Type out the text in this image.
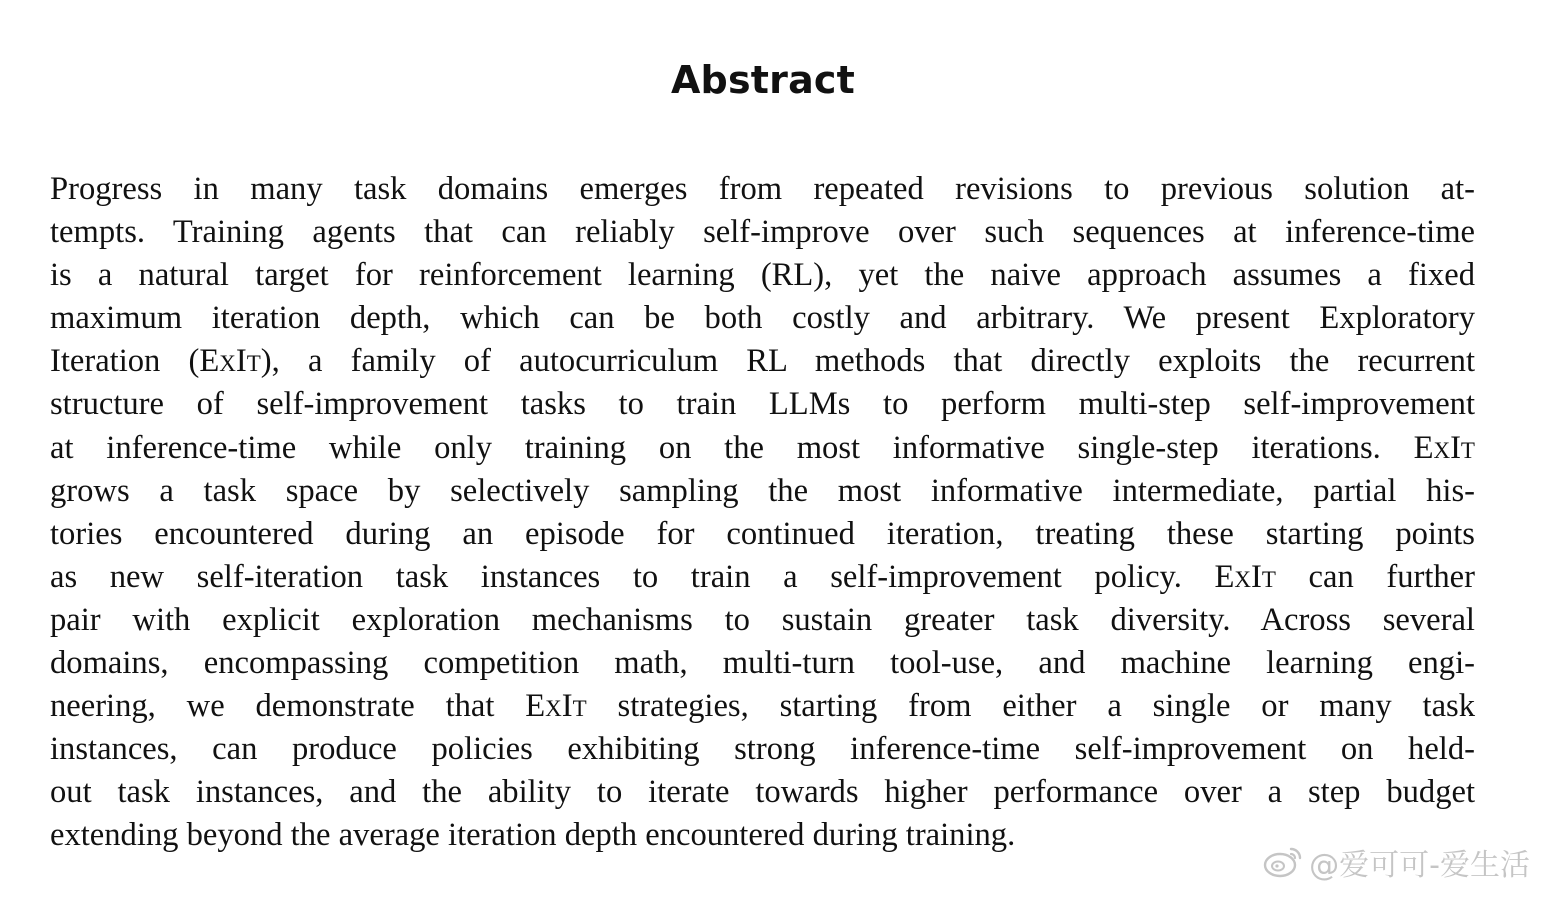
Abstract
Progress in many task domains emerges from repeated revisions to previous solution at-
tempts. Training agents that can reliably self-improve over such sequences at inference-time
is a natural target for reinforcement learning (RL), yet the naive approach assumes a fixed
maximum iteration depth, which can be both costly and arbitrary. We present Exploratory
Iteration (ExIt), a family of autocurriculum RL methods that directly exploits the recurrent
structure of self-improvement tasks to train LLMs to perform multi-step self-improvement
at inference-time while only training on the most informative single-step iterations. ExIt
grows a task space by selectively sampling the most informative intermediate, partial his-
tories encountered during an episode for continued iteration, treating these starting points
as new self-iteration task instances to train a self-improvement policy. ExIt can further
pair with explicit exploration mechanisms to sustain greater task diversity. Across several
domains, encompassing competition math, multi-turn tool-use, and machine learning engi-
neering, we demonstrate that ExIt strategies, starting from either a single or many task
instances, can produce policies exhibiting strong inference-time self-improvement on held-
out task instances, and the ability to iterate towards higher performance over a step budget
extending beyond the average iteration depth encountered during training.
@爱可可-爱生活
